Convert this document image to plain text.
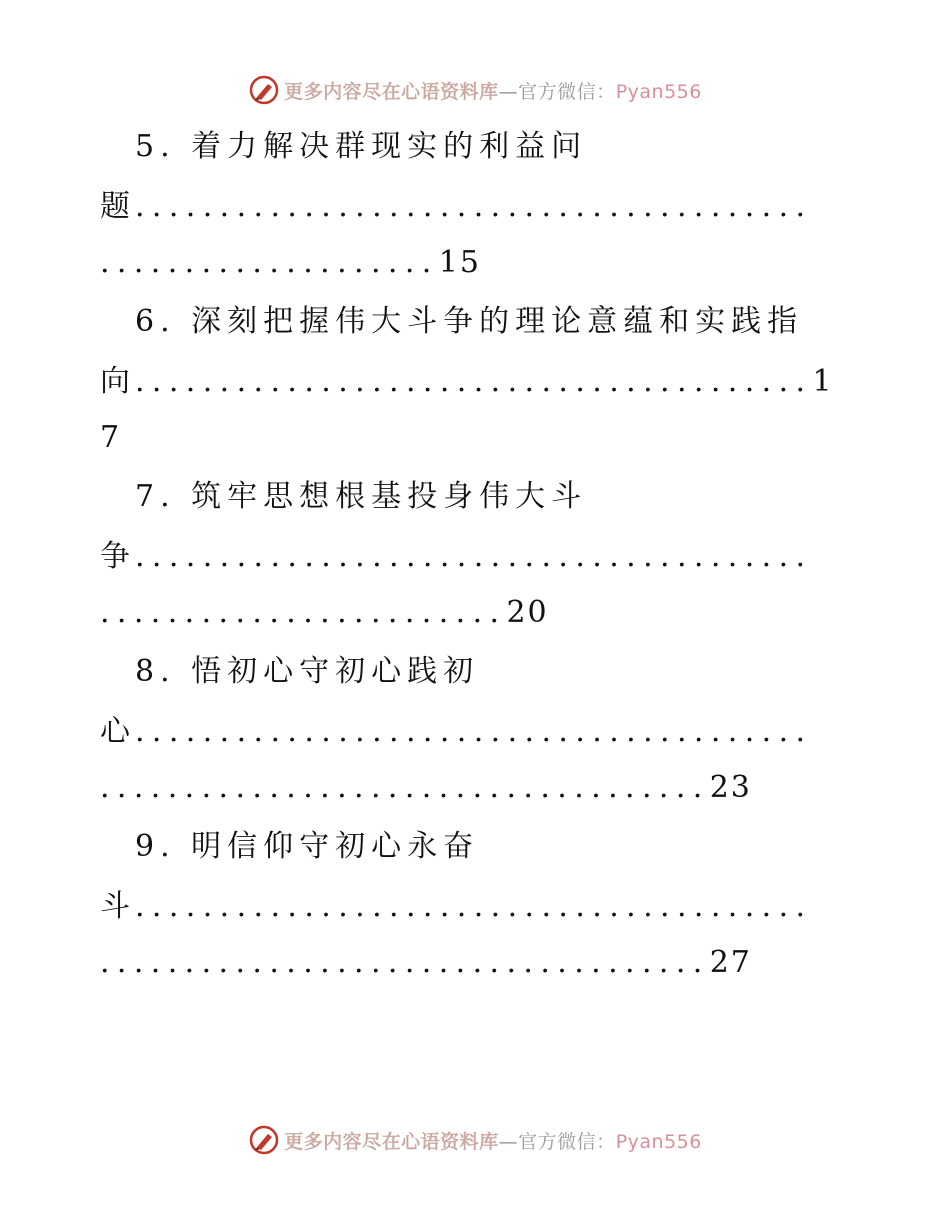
更多内容尽在心语资料库—官方微信：Pyan556
5. 着力解决群现实的利益问
题........................................
....................15
6. 深刻把握伟大斗争的理论意蕴和实践指
向........................................1
7
7. 筑牢思想根基投身伟大斗
争........................................
........................20
8. 悟初心守初心践初
心........................................
....................................23
9. 明信仰守初心永奋
斗........................................
....................................27
更多内容尽在心语资料库—官方微信：Pyan556
